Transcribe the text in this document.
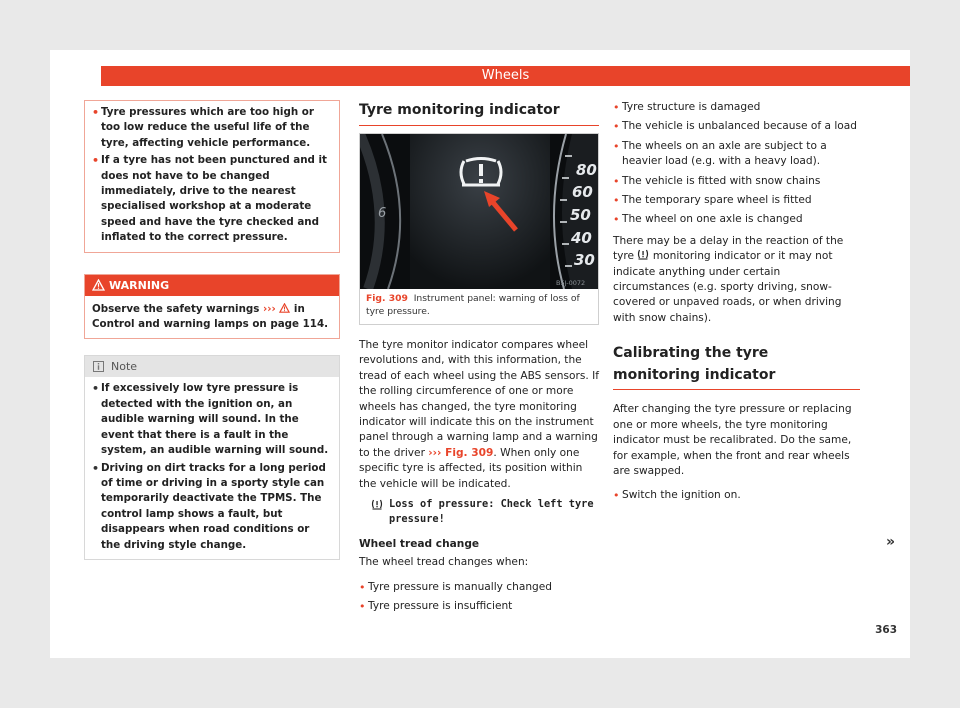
Wheels
• Tyre pressures which are too high or too low reduce the useful life of the tyre, affecting vehicle performance.
• If a tyre has not been punctured and it does not have to be changed immediately, drive to the nearest specialised workshop at a moderate speed and have the tyre checked and inflated to the correct pressure.
WARNING
Observe the safety warnings ››› in Control and warning lamps on page 114.
Note
• If excessively low tyre pressure is detected with the ignition on, an audible warning will sound. In the event that there is a fault in the system, an audible warning will sound.
• Driving on dirt tracks for a long period of time or driving in a sporty style can temporarily deactivate the TPMS. The control lamp shows a fault, but disappears when road conditions or the driving style change.
Tyre monitoring indicator
80
60
50
40
30
6
B5J-0072
Fig. 309 Instrument panel: warning of loss of tyre pressure.

The tyre monitor indicator compares wheel revolutions and, with this information, the tread of each wheel using the ABS sensors. If the rolling circumference of one or more wheels has changed, the tyre monitoring indicator will indicate this on the instrument panel through a warning lamp and a warning to the driver ››› Fig. 309. When only one specific tyre is affected, its position within the vehicle will be indicated.

Loss of pressure: Check left tyre pressure!

Wheel tread change

The wheel tread changes when:

• Tyre pressure is manually changed
• Tyre pressure is insufficient
• Tyre structure is damaged
• The vehicle is unbalanced because of a load
• The wheels on an axle are subject to a heavier load (e.g. with a heavy load).
• The vehicle is fitted with snow chains
• The temporary spare wheel is fitted
• The wheel on one axle is changed

There may be a delay in the reaction of the tyre monitoring indicator or it may not indicate anything under certain circumstances (e.g. sporty driving, snow-covered or unpaved roads, or when driving with snow chains).

Calibrating the tyre monitoring indicator

After changing the tyre pressure or replacing one or more wheels, the tyre monitoring indicator must be recalibrated. Do the same, for example, when the front and rear wheels are swapped.

• Switch the ignition on.
»
363
